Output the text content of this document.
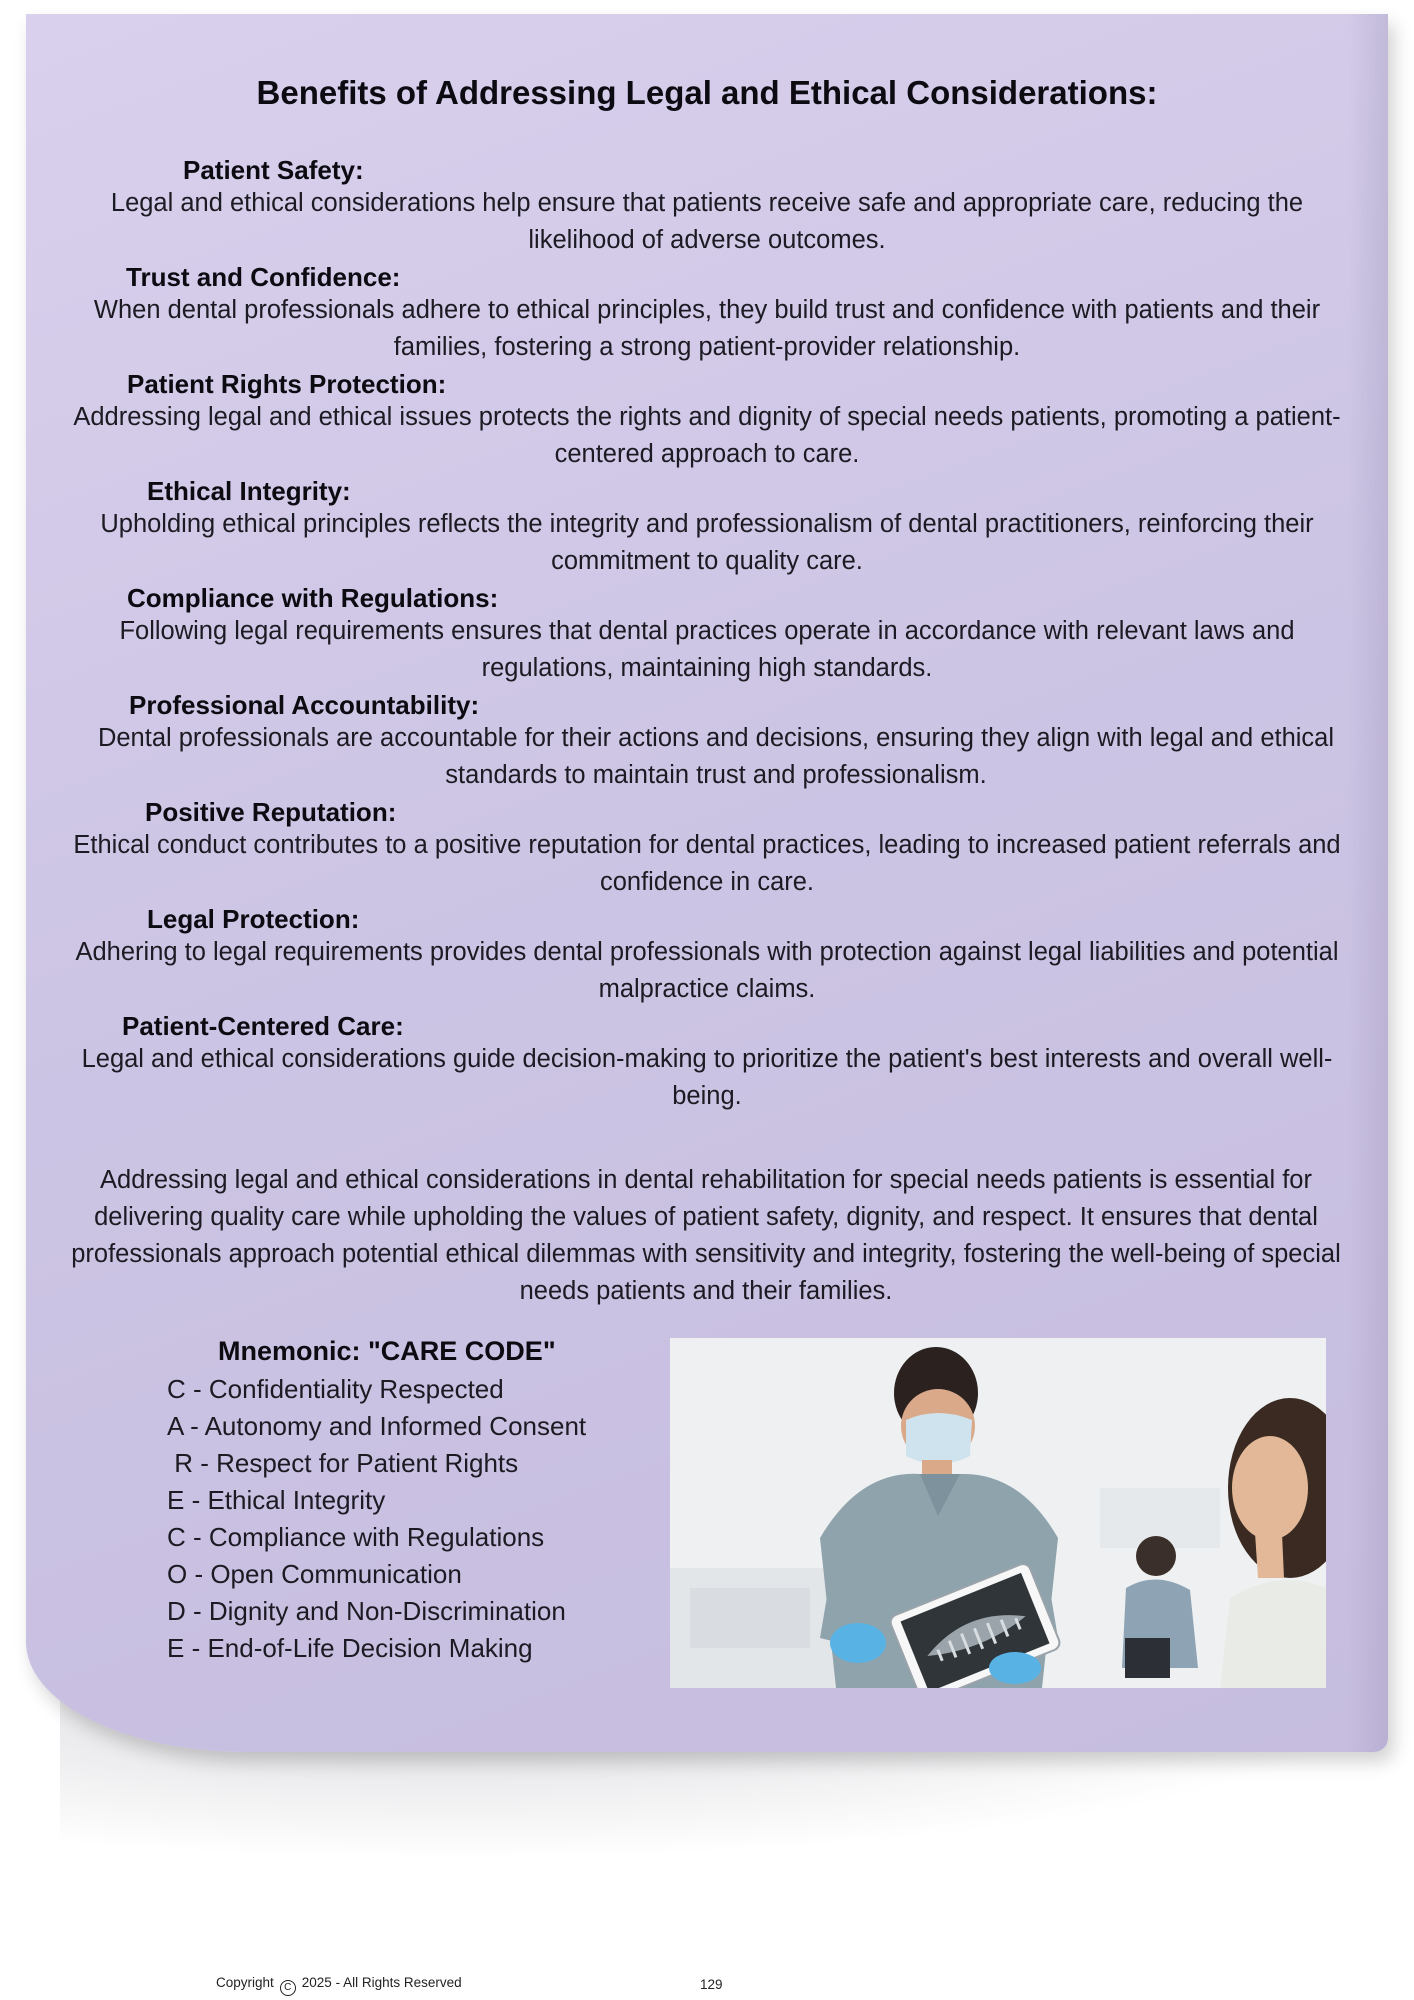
Benefits of Addressing Legal and Ethical Considerations:
Patient Safety:

Legal and ethical considerations help ensure that patients receive safe and appropriate care, reducing the likelihood of adverse outcomes.

Trust and Confidence:

When dental professionals adhere to ethical principles, they build trust and confidence with patients and their families, fostering a strong patient-provider relationship.

Patient Rights Protection:

Addressing legal and ethical issues protects the rights and dignity of special needs patients, promoting a patient-centered approach to care.

Ethical Integrity:

Upholding ethical principles reflects the integrity and professionalism of dental practitioners, reinforcing their commitment to quality care.

Compliance with Regulations:

Following legal requirements ensures that dental practices operate in accordance with relevant laws and regulations, maintaining high standards.

Professional Accountability:

Dental professionals are accountable for their actions and decisions, ensuring they align with legal and ethical standards to maintain trust and professionalism.

Positive Reputation:

Ethical conduct contributes to a positive reputation for dental practices, leading to increased patient referrals and confidence in care.

Legal Protection:

Adhering to legal requirements provides dental professionals with protection against legal liabilities and potential malpractice claims.

Patient-Centered Care:

Legal and ethical considerations guide decision-making to prioritize the patient's best interests and overall well-being.

Addressing legal and ethical considerations in dental rehabilitation for special needs patients is essential for delivering quality care while upholding the values of patient safety, dignity, and respect. It ensures that dental professionals approach potential ethical dilemmas with sensitivity and integrity, fostering the well-being of special needs patients and their families.

Mnemonic: "CARE CODE"
C - Confidentiality Respected
A - Autonomy and Informed Consent
R - Respect for Patient Rights
E - Ethical Integrity
C - Compliance with Regulations
O - Open Communication
D - Dignity and Non-Discrimination
E - End-of-Life Decision Making
Copyright C 2025 - All Rights Reserved	129
